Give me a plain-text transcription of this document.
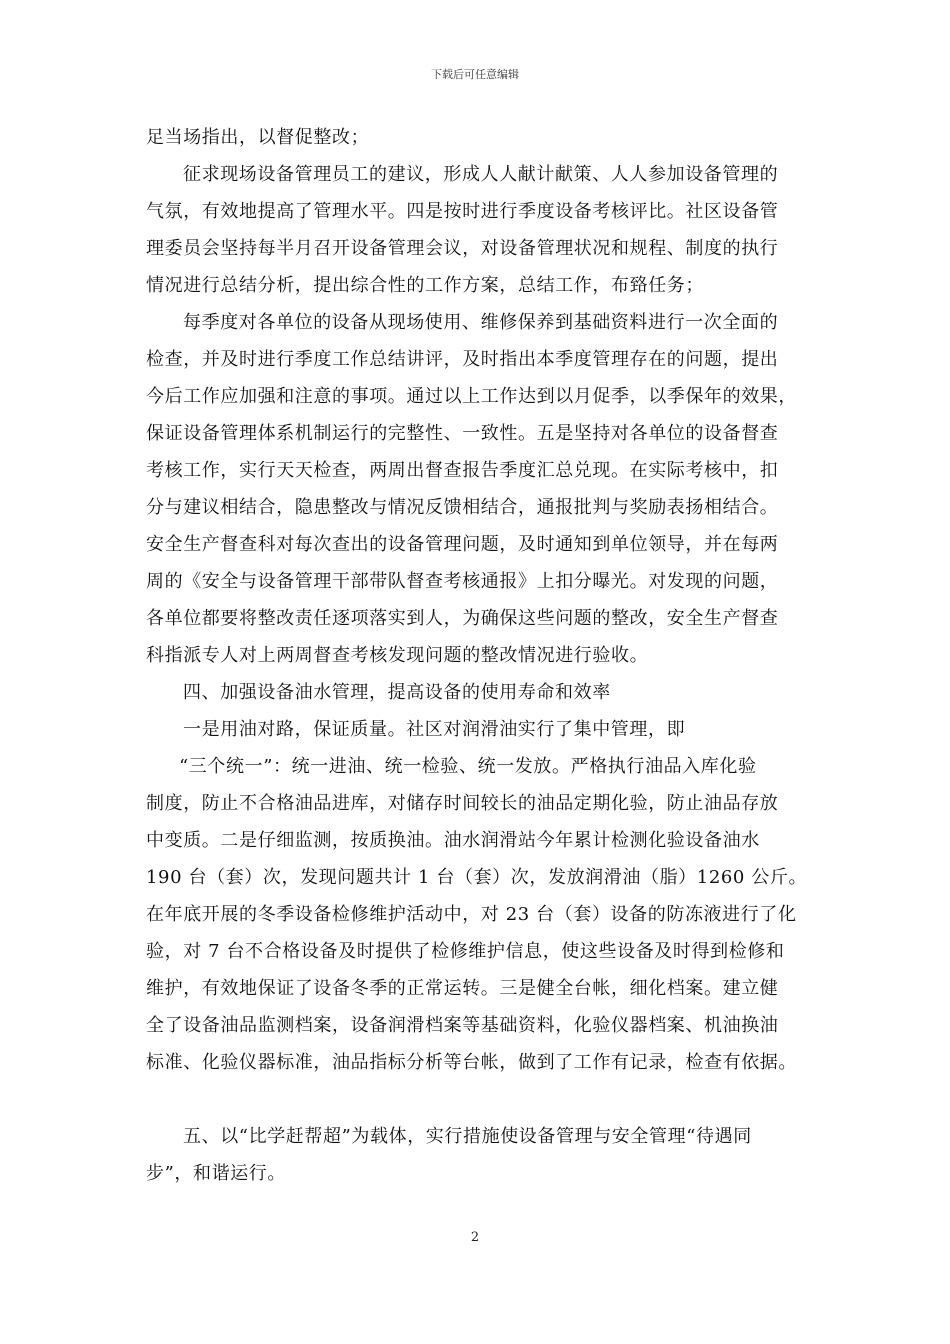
下载后可任意编辑
足当场指出，以督促整改；
征求现场设备管理员工的建议，形成人人献计献策、人人参加设备管理的
气氛，有效地提高了管理水平。四是按时进行季度设备考核评比。社区设备管
理委员会坚持每半月召开设备管理会议，对设备管理状况和规程、制度的执行
情况进行总结分析，提出综合性的工作方案，总结工作，布臵任务；
每季度对各单位的设备从现场使用、维修保养到基础资料进行一次全面的
检查，并及时进行季度工作总结讲评，及时指出本季度管理存在的问题，提出
今后工作应加强和注意的事项。通过以上工作达到以月促季，以季保年的效果，
保证设备管理体系机制运行的完整性、一致性。五是坚持对各单位的设备督查
考核工作，实行天天检查，两周出督查报告季度汇总兑现。在实际考核中，扣
分与建议相结合，隐患整改与情况反馈相结合，通报批判与奖励表扬相结合。
安全生产督查科对每次查出的设备管理问题，及时通知到单位领导，并在每两
周的《安全与设备管理干部带队督查考核通报》上扣分曝光。对发现的问题，
各单位都要将整改责任逐项落实到人，为确保这些问题的整改，安全生产督查
科指派专人对上两周督查考核发现问题的整改情况进行验收。
四、加强设备油水管理，提高设备的使用寿命和效率
一是用油对路，保证质量。社区对润滑油实行了集中管理，即
“三个统一”：统一进油、统一检验、统一发放。严格执行油品入库化验
制度，防止不合格油品进库，对储存时间较长的油品定期化验，防止油品存放
中变质。二是仔细监测，按质换油。油水润滑站今年累计检测化验设备油水
190 台（套）次，发现问题共计 1 台（套）次，发放润滑油（脂）1260 公斤。
在年底开展的冬季设备检修维护活动中，对 23 台（套）设备的防冻液进行了化
验，对 7 台不合格设备及时提供了检修维护信息，使这些设备及时得到检修和
维护，有效地保证了设备冬季的正常运转。三是健全台帐，细化档案。建立健
全了设备油品监测档案，设备润滑档案等基础资料，化验仪器档案、机油换油
标准、化验仪器标准，油品指标分析等台帐，做到了工作有记录，检查有依据。
五、以“比学赶帮超”为载体，实行措施使设备管理与安全管理“待遇同
步”，和谐运行。
2
